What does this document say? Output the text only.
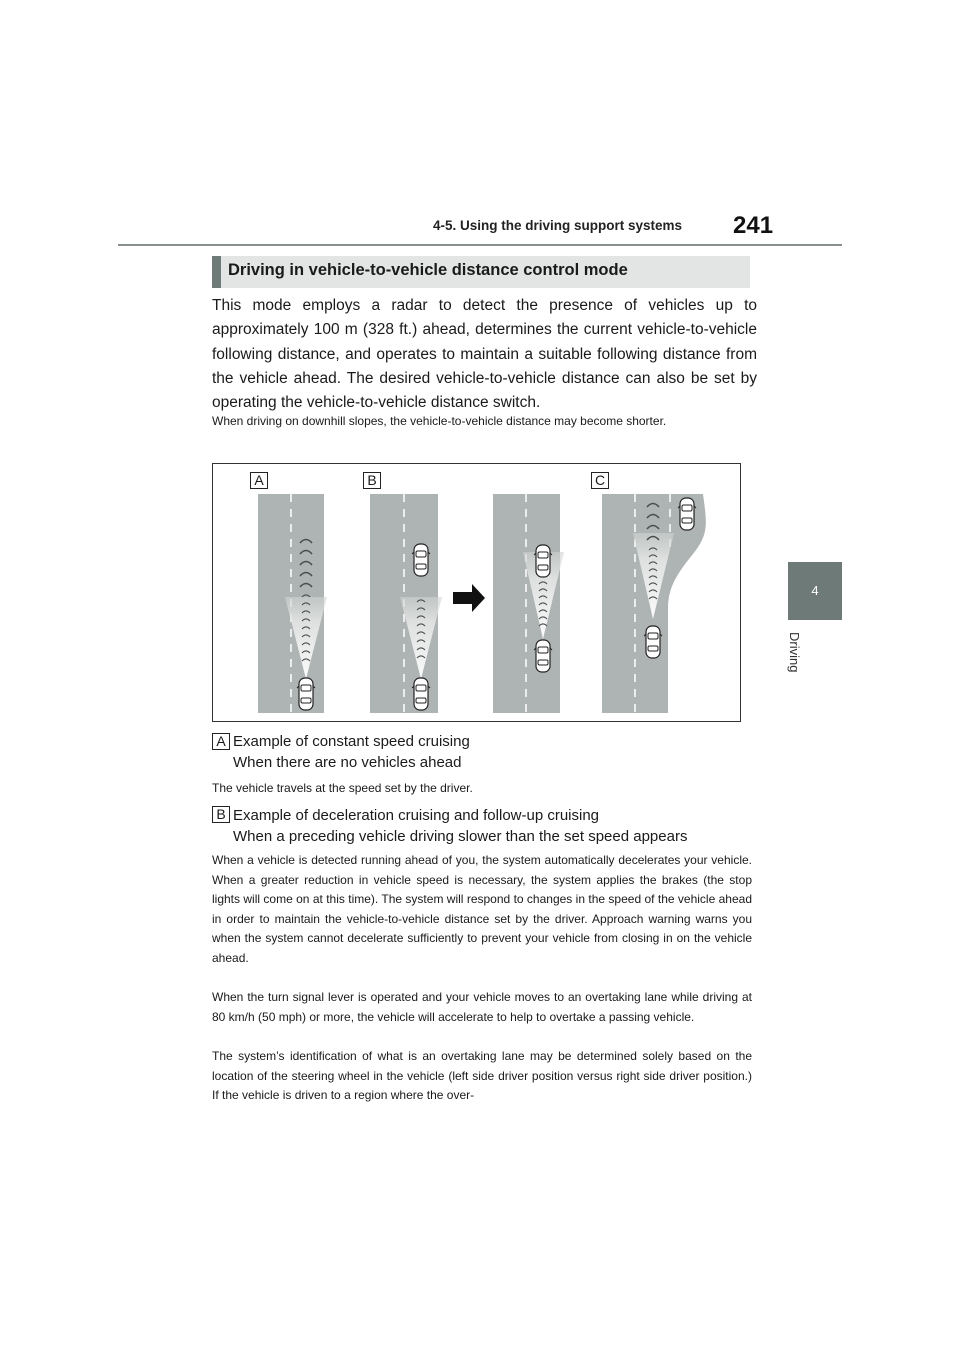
4-5. Using the driving support systems 241
4
Driving
Driving in vehicle-to-vehicle distance control mode
This mode employs a radar to detect the presence of vehicles up to approximately 100 m (328 ft.) ahead, determines the current vehicle-to-vehicle following distance, and operates to maintain a suitable following distance from the vehicle ahead. The desired vehicle-to-vehicle distance can also be set by operating the vehicle-to-vehicle distance switch.
When driving on downhill slopes, the vehicle-to-vehicle distance may become shorter.
A	B	C
A Example of constant speed cruising
When there are no vehicles ahead
The vehicle travels at the speed set by the driver.
B Example of deceleration cruising and follow-up cruising
When a preceding vehicle driving slower than the set speed appears
When a vehicle is detected running ahead of you, the system automatically decelerates your vehicle. When a greater reduction in vehicle speed is necessary, the system applies the brakes (the stop lights will come on at this time). The system will respond to changes in the speed of the vehicle ahead in order to maintain the vehicle-to-vehicle distance set by the driver. Approach warning warns you when the system cannot decelerate sufficiently to prevent your vehicle from closing in on the vehicle ahead.
When the turn signal lever is operated and your vehicle moves to an overtaking lane while driving at 80 km/h (50 mph) or more, the vehicle will accelerate to help to overtake a passing vehicle.
The system’s identification of what is an overtaking lane may be determined solely based on the location of the steering wheel in the vehicle (left side driver position versus right side driver position.) If the vehicle is driven to a region where the over-
